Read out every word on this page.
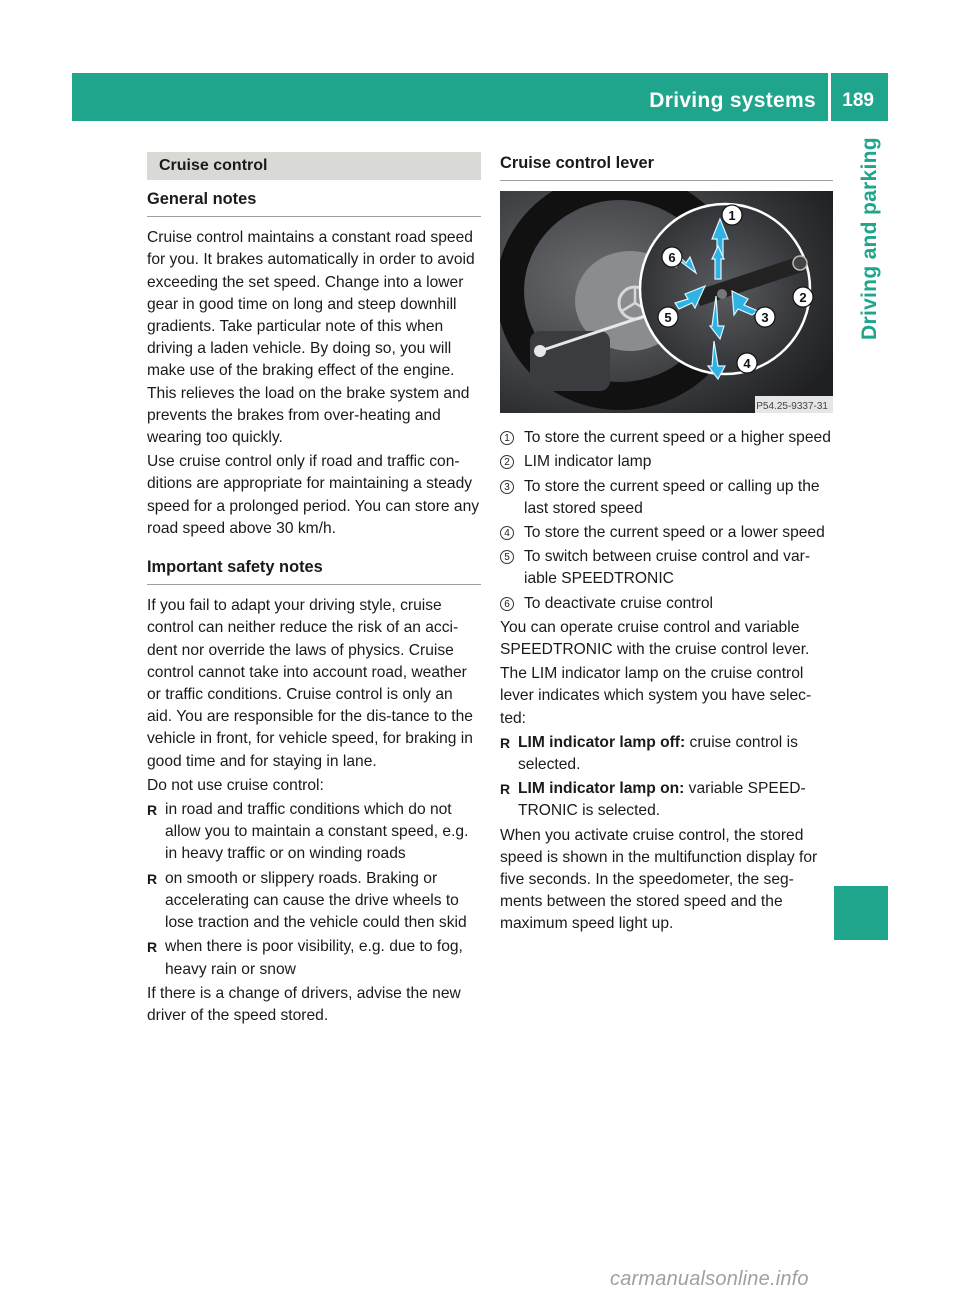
Driving systems 189
Driving and parking
Cruise control
General notes

Cruise control maintains a constant road speed for you. It brakes automatically in order to avoid exceeding the set speed. Change into a lower gear in good time on long and steep downhill gradients. Take particular note of this when driving a laden vehicle. By doing so, you will make use of the braking effect of the engine. This relieves the load on the brake system and prevents the brakes from over-heating and wearing too quickly.

Use cruise control only if road and traffic con-ditions are appropriate for maintaining a steady speed for a prolonged period. You can store any road speed above 30 km/h.

Important safety notes

If you fail to adapt your driving style, cruise control can neither reduce the risk of an acci-dent nor override the laws of physics. Cruise control cannot take into account road, weather or traffic conditions. Cruise control is only an aid. You are responsible for the dis-tance to the vehicle in front, for vehicle speed, for braking in good time and for staying in lane.

Do not use cruise control:

R in road and traffic conditions which do not allow you to maintain a constant speed, e.g. in heavy traffic or on winding roads
R on smooth or slippery roads. Braking or accelerating can cause the drive wheels to lose traction and the vehicle could then skid
R when there is poor visibility, e.g. due to fog, heavy rain or snow

If there is a change of drivers, advise the new driver of the speed stored.

Cruise control lever
1
2
3
4
5
6
P54.25-9337-31
1 To store the current speed or a higher speed
2 LIM indicator lamp
3 To store the current speed or calling up the last stored speed
4 To store the current speed or a lower speed
5 To switch between cruise control and var-iable SPEEDTRONIC
6 To deactivate cruise control

You can operate cruise control and variable SPEEDTRONIC with the cruise control lever.

The LIM indicator lamp on the cruise control lever indicates which system you have selec-ted:

R LIM indicator lamp off: cruise control is selected.
R LIM indicator lamp on: variable SPEED-TRONIC is selected.

When you activate cruise control, the stored speed is shown in the multifunction display for five seconds. In the speedometer, the seg-ments between the stored speed and the maximum speed light up.

carmanualsonline.info
